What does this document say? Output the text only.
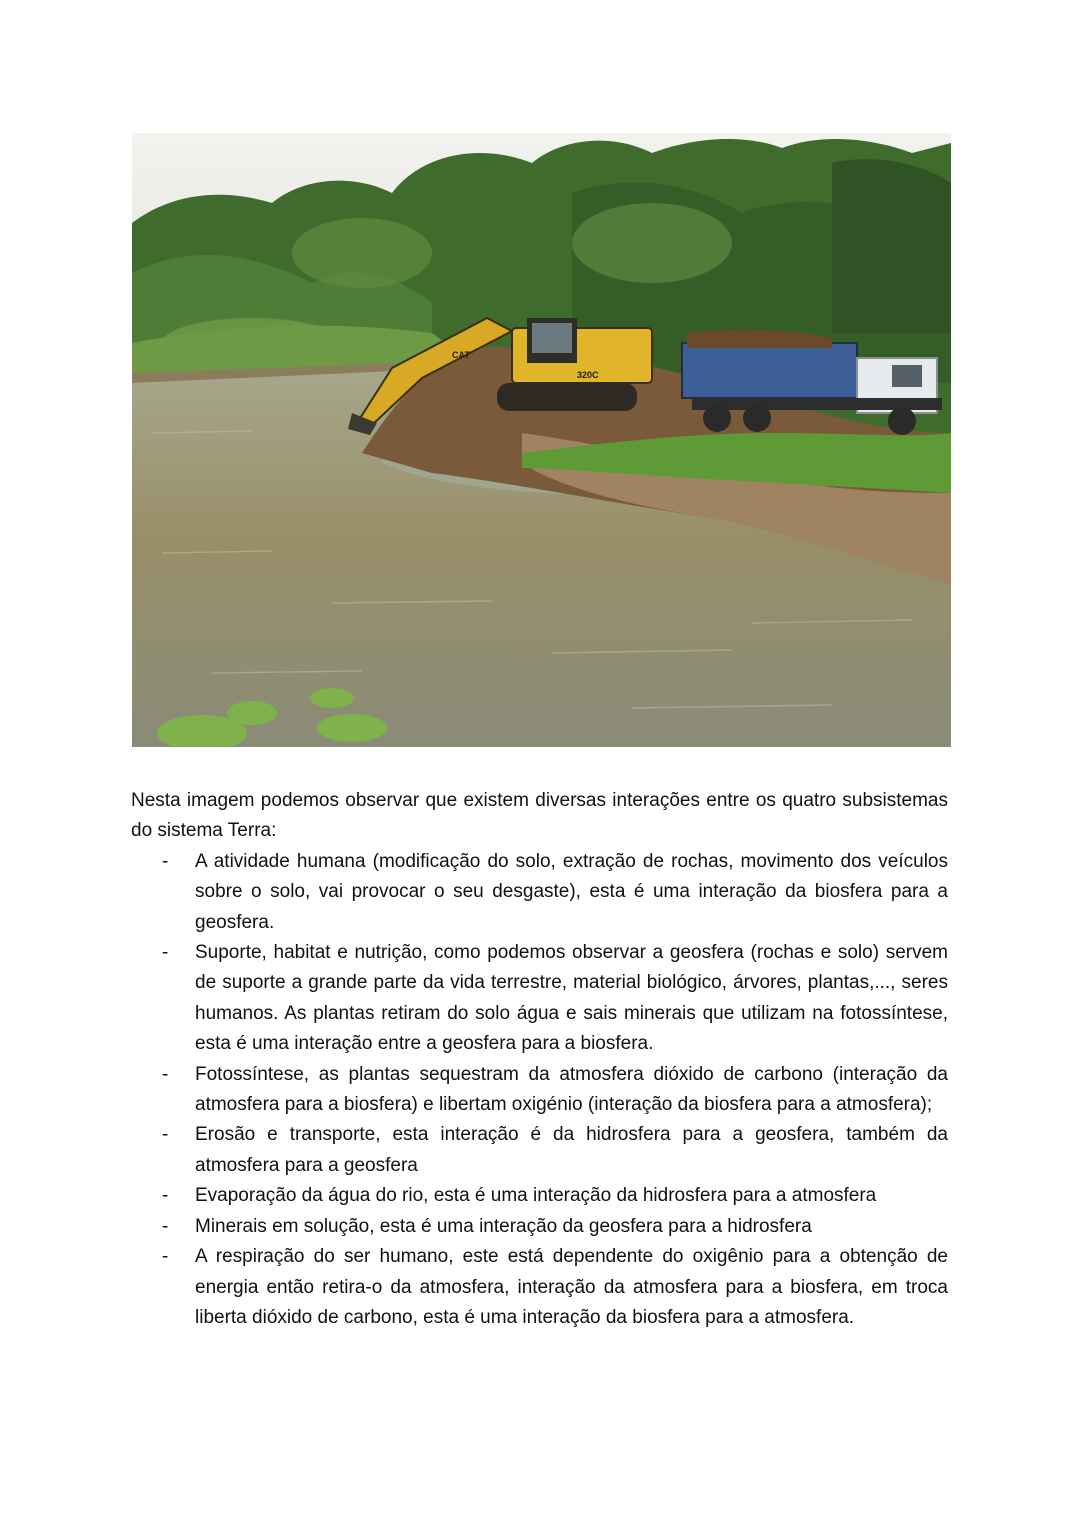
320C
CAT

Nesta imagem podemos observar que existem diversas interações entre os quatro subsistemas do sistema Terra:

- A atividade humana (modificação do solo, extração de rochas, movimento dos veículos sobre o solo, vai provocar o seu desgaste), esta é uma interação da biosfera para a geosfera.
- Suporte, habitat e nutrição, como podemos observar a geosfera (rochas e solo) servem de suporte a grande parte da vida terrestre, material biológico, árvores, plantas,..., seres humanos. As plantas retiram do solo água e sais minerais que utilizam na fotossíntese, esta é uma interação entre a geosfera para a biosfera.
- Fotossíntese, as plantas sequestram da atmosfera dióxido de carbono (interação da atmosfera para a biosfera) e libertam oxigénio (interação da biosfera para a atmosfera);
- Erosão e transporte, esta interação é da hidrosfera para a geosfera, também da atmosfera para a geosfera
- Evaporação da água do rio, esta é uma interação da hidrosfera para a atmosfera
- Minerais em solução, esta é uma interação da geosfera para a hidrosfera
- A respiração do ser humano, este está dependente do oxigênio para a obtenção de energia então retira-o da atmosfera, interação da atmosfera para a biosfera, em troca liberta dióxido de carbono, esta é uma interação da biosfera para a atmosfera.
